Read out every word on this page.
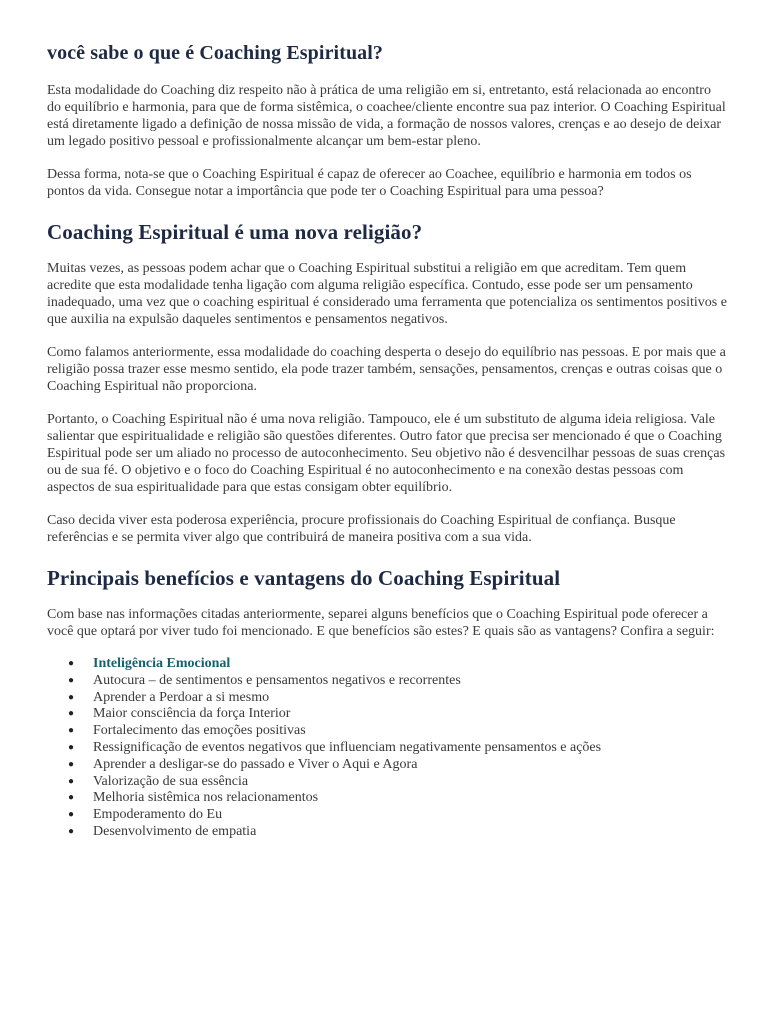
você sabe o que é Coaching Espiritual?

Esta modalidade do Coaching diz respeito não à prática de uma religião em si, entretanto, está relacionada ao encontro do equilíbrio e harmonia, para que de forma sistêmica, o coachee/cliente encontre sua paz interior. O Coaching Espiritual está diretamente ligado a definição de nossa missão de vida, a formação de nossos valores, crenças e ao desejo de deixar um legado positivo pessoal e profissionalmente alcançar um bem-estar pleno.

Dessa forma, nota-se que o Coaching Espiritual é capaz de oferecer ao Coachee, equilíbrio e harmonia em todos os pontos da vida. Consegue notar a importância que pode ter o Coaching Espiritual para uma pessoa?

Coaching Espiritual é uma nova religião?

Muitas vezes, as pessoas podem achar que o Coaching Espiritual substitui a religião em que acreditam. Tem quem acredite que esta modalidade tenha ligação com alguma religião específica. Contudo, esse pode ser um pensamento inadequado, uma vez que o coaching espiritual é considerado uma ferramenta que potencializa os sentimentos positivos e que auxilia na expulsão daqueles sentimentos e pensamentos negativos.

Como falamos anteriormente, essa modalidade do coaching desperta o desejo do equilíbrio nas pessoas. E por mais que a religião possa trazer esse mesmo sentido, ela pode trazer também, sensações, pensamentos, crenças e outras coisas que o Coaching Espiritual não proporciona.

Portanto, o Coaching Espiritual não é uma nova religião. Tampouco, ele é um substituto de alguma ideia religiosa. Vale salientar que espiritualidade e religião são questões diferentes. Outro fator que precisa ser mencionado é que o Coaching Espiritual pode ser um aliado no processo de autoconhecimento. Seu objetivo não é desvencilhar pessoas de suas crenças ou de sua fé. O objetivo e o foco do Coaching Espiritual é no autoconhecimento e na conexão destas pessoas com aspectos de sua espiritualidade para que estas consigam obter equilíbrio.

Caso decida viver esta poderosa experiência, procure profissionais do Coaching Espiritual de confiança. Busque referências e se permita viver algo que contribuirá de maneira positiva com a sua vida.

Principais benefícios e vantagens do Coaching Espiritual

Com base nas informações citadas anteriormente, separei alguns benefícios que o Coaching Espiritual pode oferecer a você que optará por viver tudo foi mencionado. E que benefícios são estes? E quais são as vantagens? Confira a seguir:

● Inteligência Emocional
● Autocura – de sentimentos e pensamentos negativos e recorrentes
● Aprender a Perdoar a si mesmo
● Maior consciência da força Interior
● Fortalecimento das emoções positivas
● Ressignificação de eventos negativos que influenciam negativamente pensamentos e ações
● Aprender a desligar-se do passado e Viver o Aqui e Agora
● Valorização de sua essência
● Melhoria sistêmica nos relacionamentos
● Empoderamento do Eu
● Desenvolvimento de empatia
